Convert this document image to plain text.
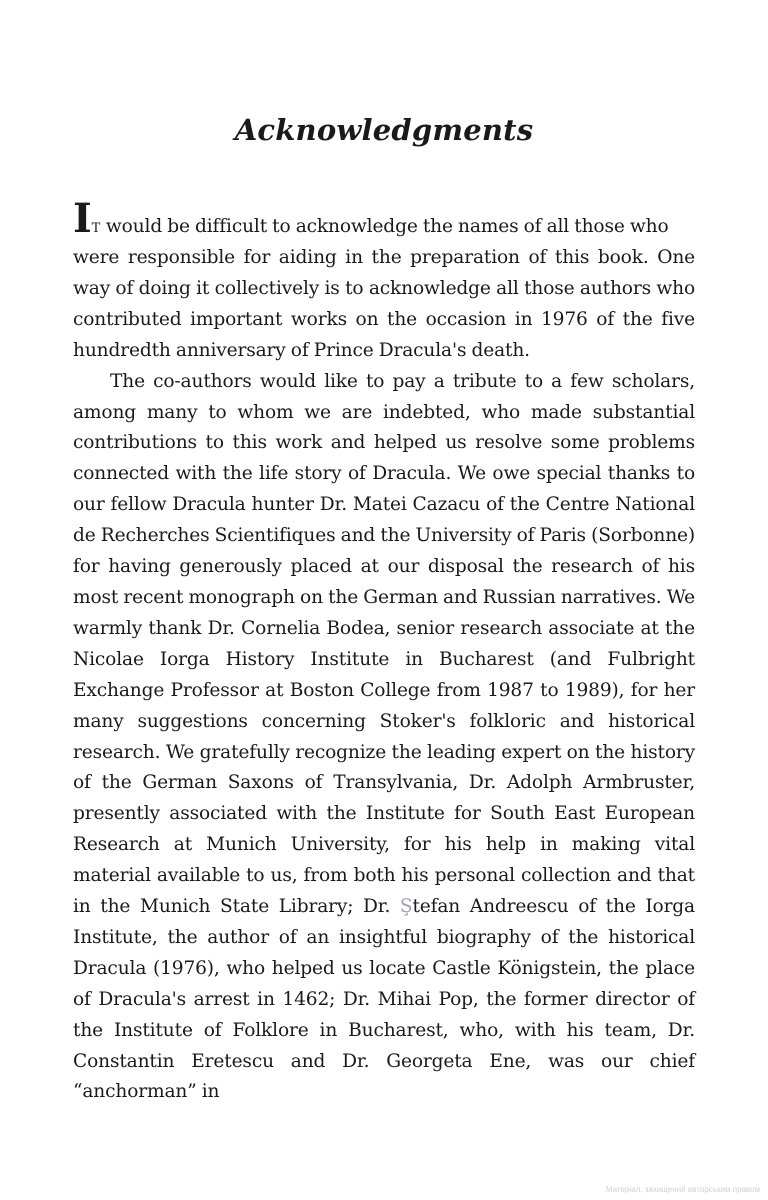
Acknowledgments

IT would be difficult to acknowledge the names of all those who
were responsible for aiding in the preparation of this book. One way of doing it collectively is to acknowledge all those authors who contributed important works on the occasion in 1976 of the five hundredth anniversary of Prince Dracula's death.

The co-authors would like to pay a tribute to a few scholars, among many to whom we are indebted, who made substantial contributions to this work and helped us resolve some problems connected with the life story of Dracula. We owe special thanks to our fellow Dracula hunter Dr. Matei Cazacu of the Centre National de Recherches Scientifiques and the University of Paris (Sorbonne) for having generously placed at our disposal the research of his most recent monograph on the German and Russian narratives. We warmly thank Dr. Cornelia Bodea, senior research associate at the Nicolae Iorga History Institute in Bucharest (and Fulbright Exchange Professor at Boston College from 1987 to 1989), for her many suggestions concerning Stoker's folkloric and historical research. We gratefully recognize the leading expert on the history of the German Saxons of Transylvania, Dr. Adolph Armbruster, presently associated with the Institute for South East European Research at Munich University, for his help in making vital material available to us, from both his personal collection and that in the Munich State Library; Dr. Ştefan Andreescu of the Iorga Institute, the author of an insightful biography of the historical Dracula (1976), who helped us locate Castle Königstein, the place of Dracula's arrest in 1462; Dr. Mihai Pop, the former director of the Institute of Folklore in Bucharest, who, with his team, Dr. Constantin Eretescu and Dr. Georgeta Ene, was our chief “anchorman” in

Матеріал, захищений авторським правом
